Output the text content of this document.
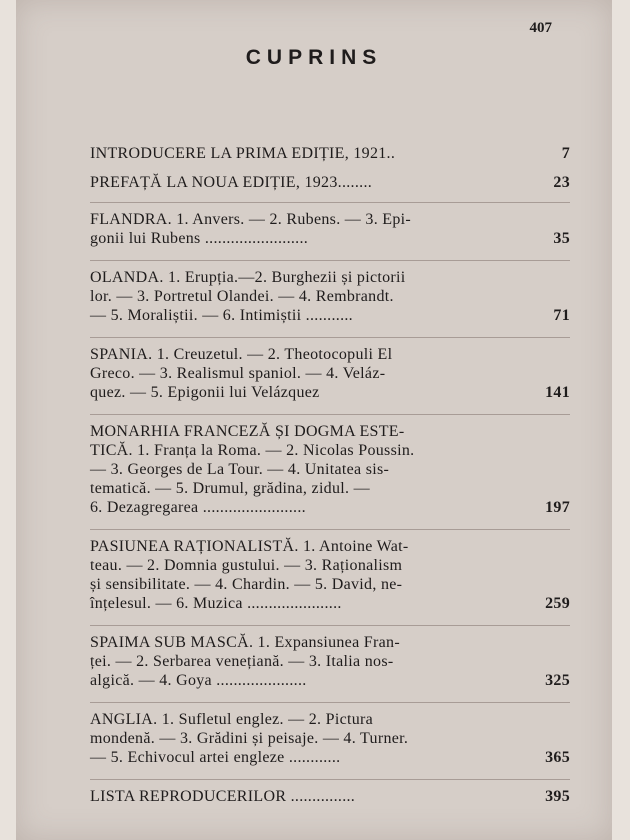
407
CUPRINS
INTRODUCERE LA PRIMA EDIȚIE, 1921..	7
PREFAȚĂ LA NOUA EDIȚIE, 1923........	23
FLANDRA. 1. Anvers. — 2. Rubens. — 3. Epi-
gonii lui Rubens ........................	35
OLANDA. 1. Erupția.—2. Burghezii și pictorii
lor. — 3. Portretul Olandei. — 4. Rembrandt.
— 5. Moraliștii. — 6. Intimiștii ...........	71
SPANIA. 1. Creuzetul. — 2. Theotocopuli El
Greco. — 3. Realismul spaniol. — 4. Veláz-
quez. — 5. Epigonii lui Velázquez	141
MONARHIA FRANCEZĂ ȘI DOGMA ESTE-
TICĂ. 1. Franța la Roma. — 2. Nicolas Poussin.
— 3. Georges de La Tour. — 4. Unitatea sis-
tematică. — 5. Drumul, grădina, zidul. —
6. Dezagregarea ........................	197
PASIUNEA RAȚIONALISTĂ. 1. Antoine Wat-
teau. — 2. Domnia gustului. — 3. Raționalism
și sensibilitate. — 4. Chardin. — 5. David, ne-
înțelesul. — 6. Muzica ......................	259
SPAIMA SUB MASCĂ. 1. Expansiunea Fran-
ței. — 2. Serbarea venețiană. — 3. Italia nos-
algică. — 4. Goya .....................	325
ANGLIA. 1. Sufletul englez. — 2. Pictura
mondenă. — 3. Grădini și peisaje. — 4. Turner.
— 5. Echivocul artei engleze ............	365
LISTA REPRODUCERILOR ...............	395
